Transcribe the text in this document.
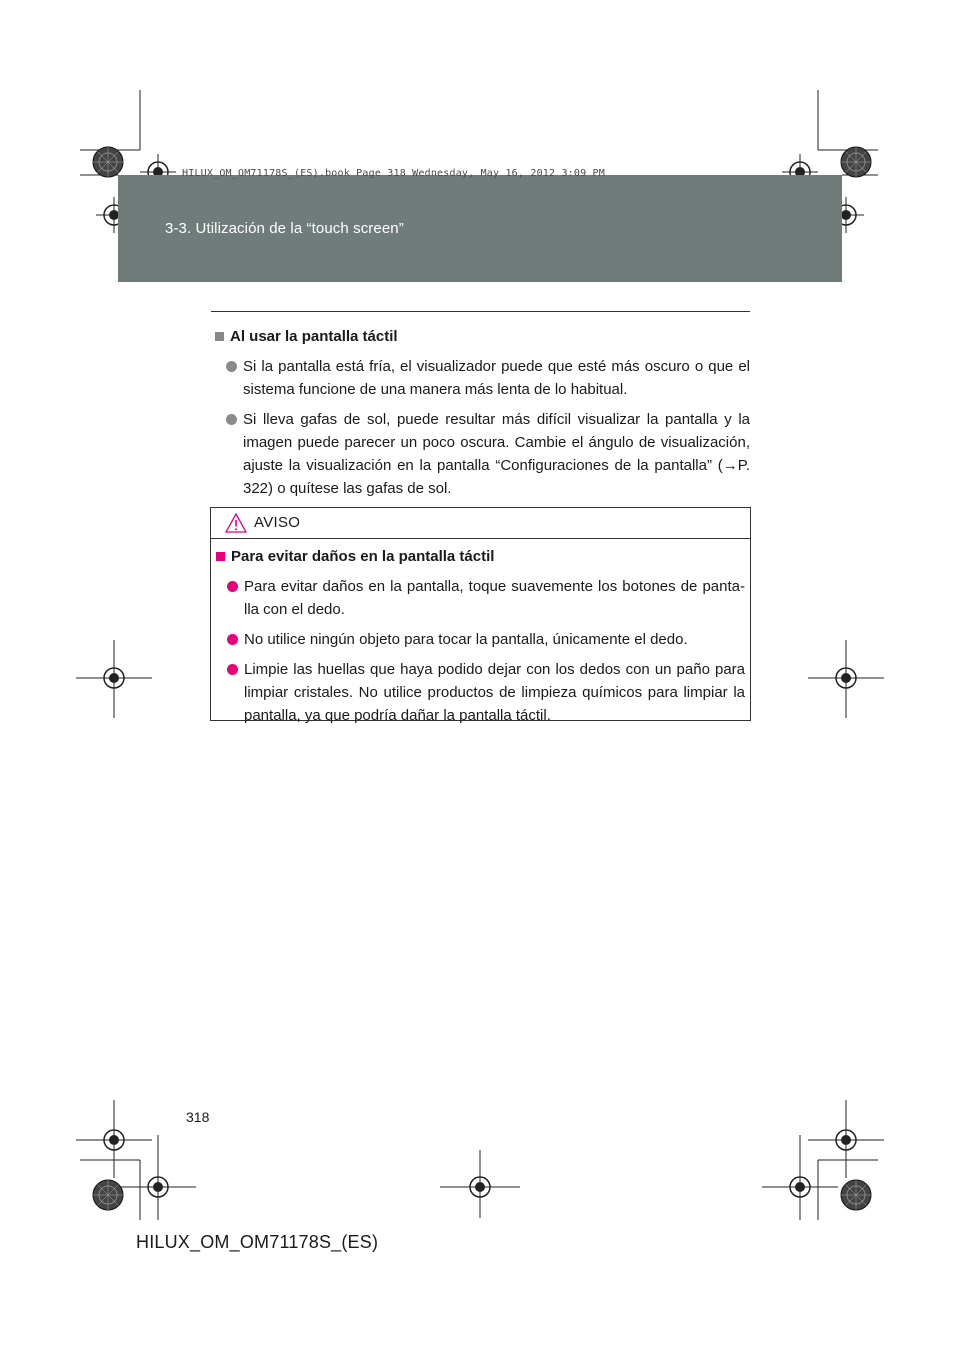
3-3. Utilización de la “touch screen”
HILUX_OM_OM71178S_(ES).book Page 318 Wednesday, May 16, 2012 3:09 PM
Al usar la pantalla táctil
Si la pantalla está fría, el visualizador puede que esté más oscuro o que el sistema funcione de una manera más lenta de lo habitual.
Si lleva gafas de sol, puede resultar más difícil visualizar la pantalla y la imagen puede parecer un poco oscura. Cambie el ángulo de visualización, ajuste la visualización en la pantalla “Configuraciones de la pantalla” (→P. 322) o quítese las gafas de sol.
AVISO
Para evitar daños en la pantalla táctil
Para evitar daños en la pantalla, toque suavemente los botones de pantalla con el dedo.
No utilice ningún objeto para tocar la pantalla, únicamente el dedo.
Limpie las huellas que haya podido dejar con los dedos con un paño para limpiar cristales. No utilice productos de limpieza químicos para limpiar la pantalla, ya que podría dañar la pantalla táctil.
318
HILUX_OM_OM71178S_(ES)
